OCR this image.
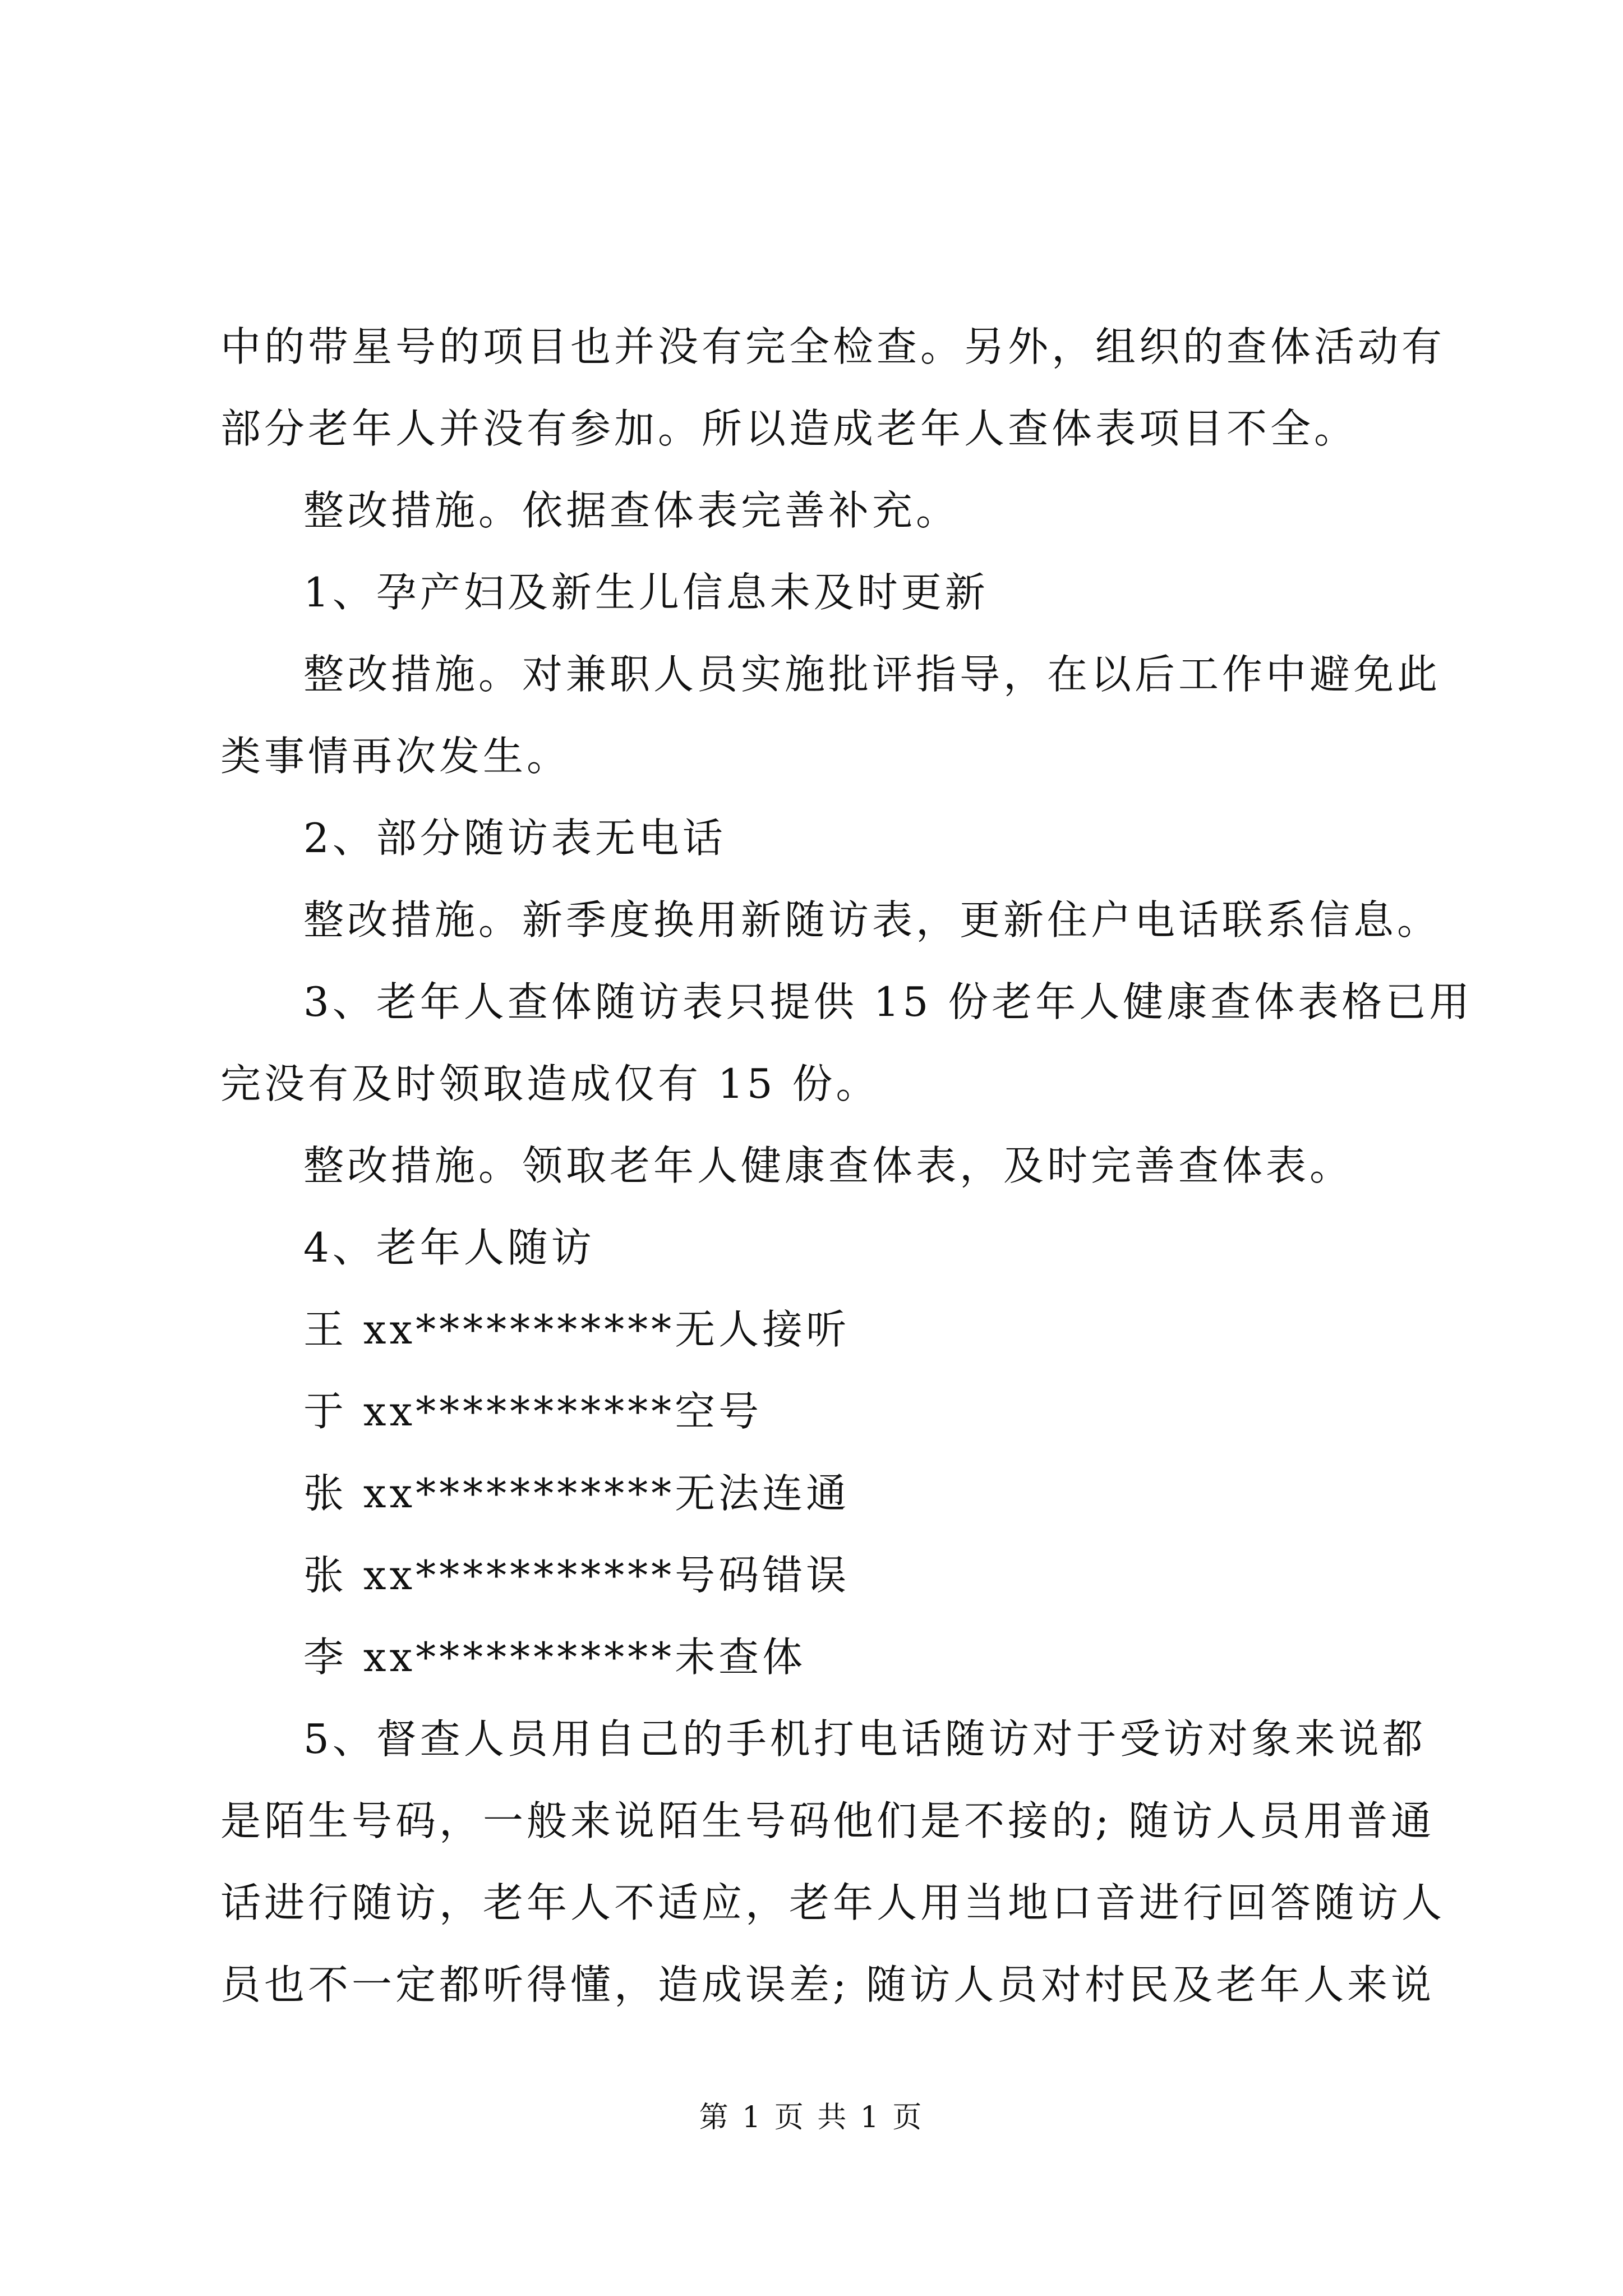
中的带星号的项目也并没有完全检查。另外，组织的查体活动有
部分老年人并没有参加。所以造成老年人查体表项目不全。
整改措施。依据查体表完善补充。
1、孕产妇及新生儿信息未及时更新
整改措施。对兼职人员实施批评指导，在以后工作中避免此
类事情再次发生。
2、部分随访表无电话
整改措施。新季度换用新随访表，更新住户电话联系信息。
3、老年人查体随访表只提供 15 份老年人健康查体表格已用
完没有及时领取造成仅有 15 份。
整改措施。领取老年人健康查体表，及时完善查体表。
4、老年人随访
王 xx***********无人接听
于 xx***********空号
张 xx***********无法连通
张 xx***********号码错误
李 xx***********未查体
5、督查人员用自己的手机打电话随访对于受访对象来说都
是陌生号码，一般来说陌生号码他们是不接的; 随访人员用普通
话进行随访，老年人不适应，老年人用当地口音进行回答随访人
员也不一定都听得懂，造成误差; 随访人员对村民及老年人来说
第 1 页 共 1 页
